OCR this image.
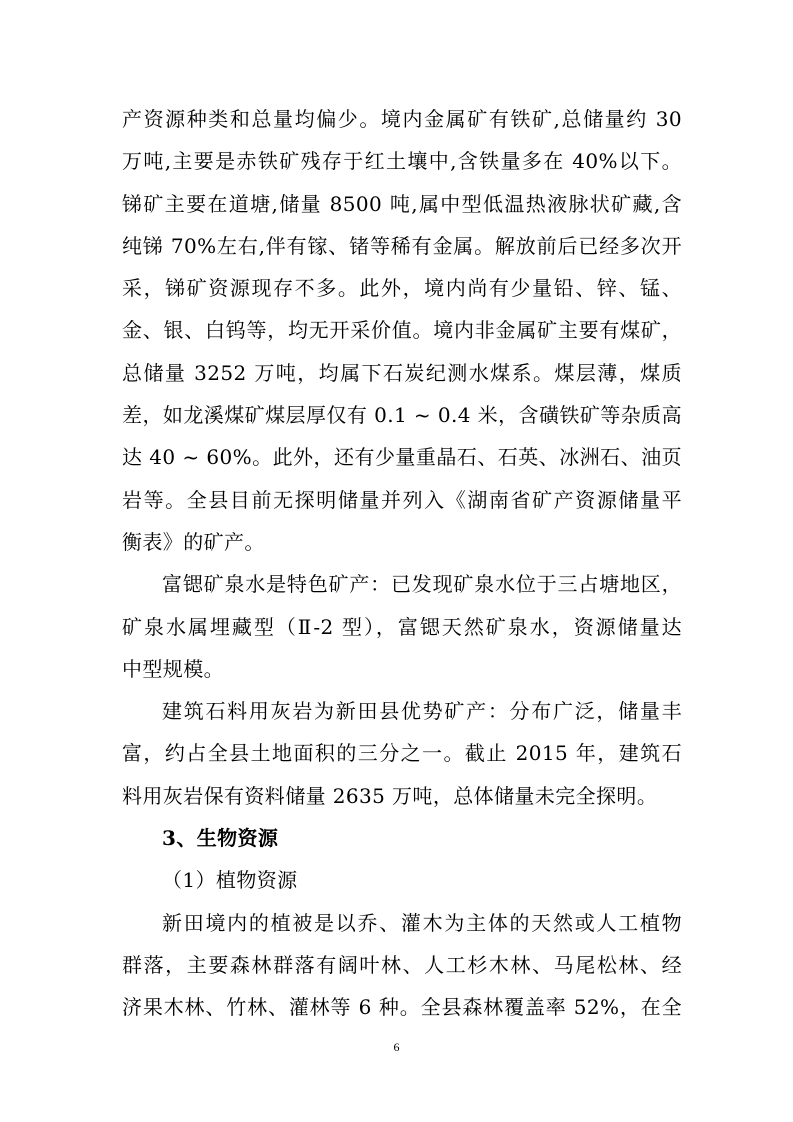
产资源种类和总量均偏少。境内金属矿有铁矿,总储量约 30
万吨,主要是赤铁矿残存于红土壤中,含铁量多在 40%以下。
锑矿主要在道塘,储量 8500 吨,属中型低温热液脉状矿藏,含
纯锑 70%左右,伴有镓、锗等稀有金属。解放前后已经多次开
采，锑矿资源现存不多。此外，境内尚有少量铅、锌、锰、
金、银、白钨等，均无开采价值。境内非金属矿主要有煤矿，
总储量 3252 万吨，均属下石炭纪测水煤系。煤层薄，煤质
差，如龙溪煤矿煤层厚仅有 0.1 ~ 0.4 米，含磺铁矿等杂质高
达 40 ~ 60%。此外，还有少量重晶石、石英、冰洲石、油页
岩等。全县目前无探明储量并列入《湖南省矿产资源储量平
衡表》的矿产。
富锶矿泉水是特色矿产：已发现矿泉水位于三占塘地区，
矿泉水属埋藏型（Ⅱ-2 型），富锶天然矿泉水，资源储量达
中型规模。
建筑石料用灰岩为新田县优势矿产：分布广泛，储量丰
富，约占全县土地面积的三分之一。截止 2015 年，建筑石
料用灰岩保有资料储量 2635 万吨，总体储量未完全探明。
3、生物资源
（1）植物资源
新田境内的植被是以乔、灌木为主体的天然或人工植物
群落，主要森林群落有阔叶林、人工杉木林、马尾松林、经
济果木林、竹林、灌林等 6 种。全县森林覆盖率 52%，在全
6
